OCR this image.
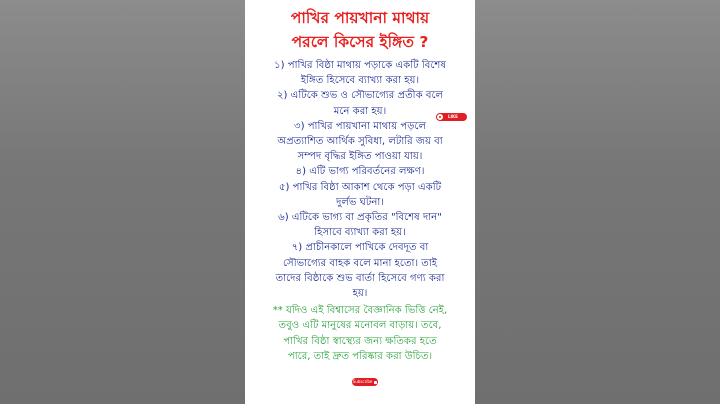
পাখির পায়খানা মাথায়
পরলে কিসের ইঙ্গিত ?

১) পাখির বিষ্ঠা মাথায় পড়াকে একটি বিশেষ

ইঙ্গিত হিসেবে ব্যাখ্যা করা হয়।

২) এটিকে শুভ ও সৌভাগ্যের প্রতীক বলে

মনে করা হয়।

৩) পাখির পায়খানা মাথায় পড়লে

অপ্রত্যাশিত আর্থিক সুবিধা, লটারি জয় বা

সম্পদ বৃদ্ধির ইঙ্গিত পাওয়া যায়।

৪) এটি ভাগ্য পরিবর্তনের লক্ষণ।

৫) পাখির বিষ্ঠা আকাশ থেকে পড়া একটি

দুর্লভ ঘটনা।

৬) এটিকে ভাগ্য বা প্রকৃতির "বিশেষ দান"

হিসাবে ব্যাখ্যা করা হয়।

৭) প্রাচীনকালে পাখিকে দেবদূত বা

সৌভাগ্যের বাহক বলে মানা হতো। তাই

তাদের বিষ্ঠাকে শুভ বার্তা হিসেবে গণ্য করা

হয়।

** যদিও এই বিশ্বাসের বৈজ্ঞানিক ভিত্তি নেই,

তবুও এটি মানুষের মনোবল বাড়ায়। তবে,

পাখির বিষ্ঠা স্বাস্থ্যের জন্য ক্ষতিকর হতে

পারে, তাই দ্রুত পরিষ্কার করা উচিত।

LIKE
Subscribe
